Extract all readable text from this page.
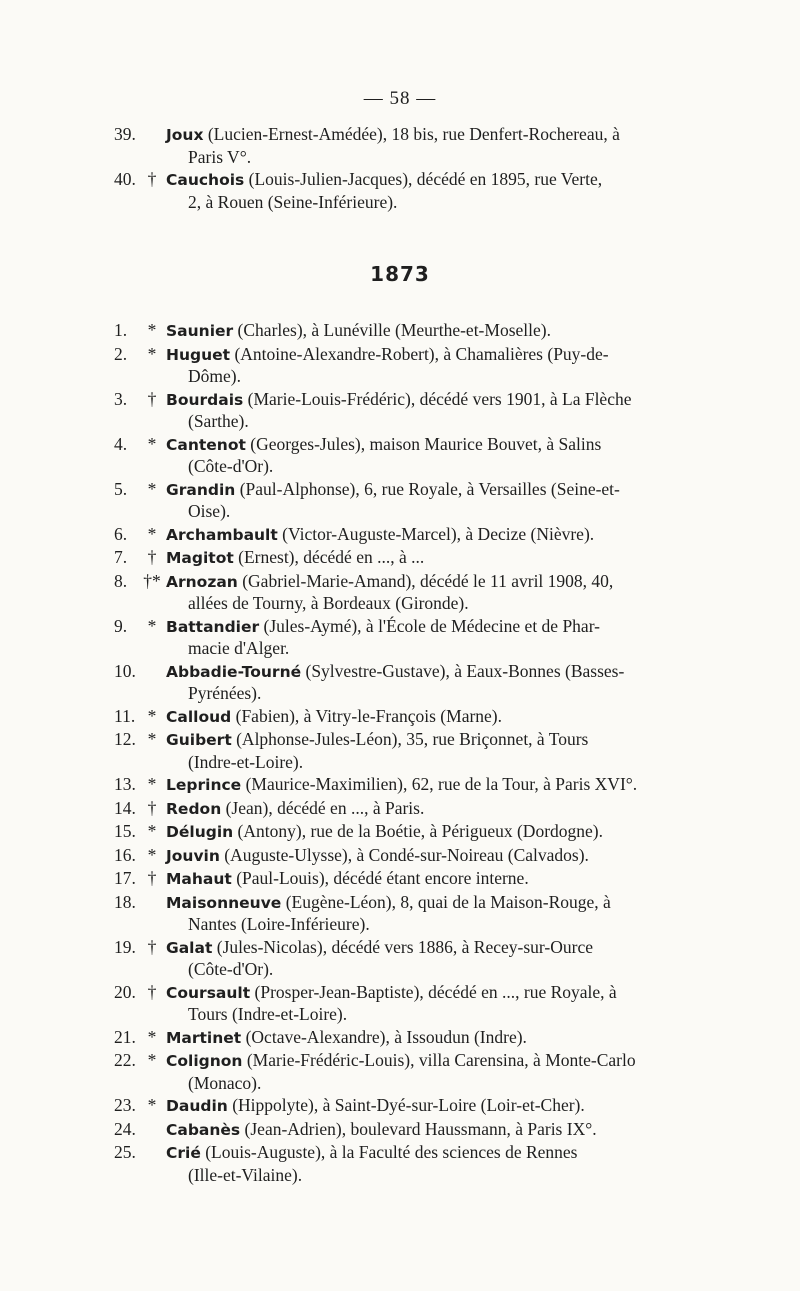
— 58 —
39.	Joux (Lucien-Ernest-Amédée), 18 bis, rue Denfert-Rochereau, à
Paris V°.
40. † Cauchois (Louis-Julien-Jacques), décédé en 1895, rue Verte,
2, à Rouen (Seine-Inférieure).
1873
1.	* Saunier (Charles), à Lunéville (Meurthe-et-Moselle).
2.	* Huguet (Antoine-Alexandre-Robert), à Chamalières (Puy-de-
Dôme).
3.	† Bourdais (Marie-Louis-Frédéric), décédé vers 1901, à La Flèche
(Sarthe).
4.	* Cantenot (Georges-Jules), maison Maurice Bouvet, à Salins
(Côte-d'Or).
5.	* Grandin (Paul-Alphonse), 6, rue Royale, à Versailles (Seine-et-
Oise).
6.	* Archambault (Victor-Auguste-Marcel), à Decize (Nièvre).
7.	† Magitot (Ernest), décédé en ..., à ...
8. †* Arnozan (Gabriel-Marie-Amand), décédé le 11 avril 1908, 40,
allées de Tourny, à Bordeaux (Gironde).
9.	* Battandier (Jules-Aymé), à l'École de Médecine et de Phar-
macie d'Alger.
10.	Abbadie-Tourné (Sylvestre-Gustave), à Eaux-Bonnes (Basses-
Pyrénées).
11. * Calloud (Fabien), à Vitry-le-François (Marne).
12. * Guibert (Alphonse-Jules-Léon), 35, rue Briçonnet, à Tours
(Indre-et-Loire).
13. * Leprince (Maurice-Maximilien), 62, rue de la Tour, à Paris XVI°.
14. † Redon (Jean), décédé en ..., à Paris.
15. * Délugin (Antony), rue de la Boétie, à Périgueux (Dordogne).
16. * Jouvin (Auguste-Ulysse), à Condé-sur-Noireau (Calvados).
17. † Mahaut (Paul-Louis), décédé étant encore interne.
18.	Maisonneuve (Eugène-Léon), 8, quai de la Maison-Rouge, à
Nantes (Loire-Inférieure).
19. † Galat (Jules-Nicolas), décédé vers 1886, à Recey-sur-Ource
(Côte-d'Or).
20. † Coursault (Prosper-Jean-Baptiste), décédé en ..., rue Royale, à
Tours (Indre-et-Loire).
21. * Martinet (Octave-Alexandre), à Issoudun (Indre).
22. * Colignon (Marie-Frédéric-Louis), villa Carensina, à Monte-Carlo
(Monaco).
23. * Daudin (Hippolyte), à Saint-Dyé-sur-Loire (Loir-et-Cher).
24.	Cabanès (Jean-Adrien), boulevard Haussmann, à Paris IX°.
25.	Crié (Louis-Auguste), à la Faculté des sciences de Rennes
(Ille-et-Vilaine).
